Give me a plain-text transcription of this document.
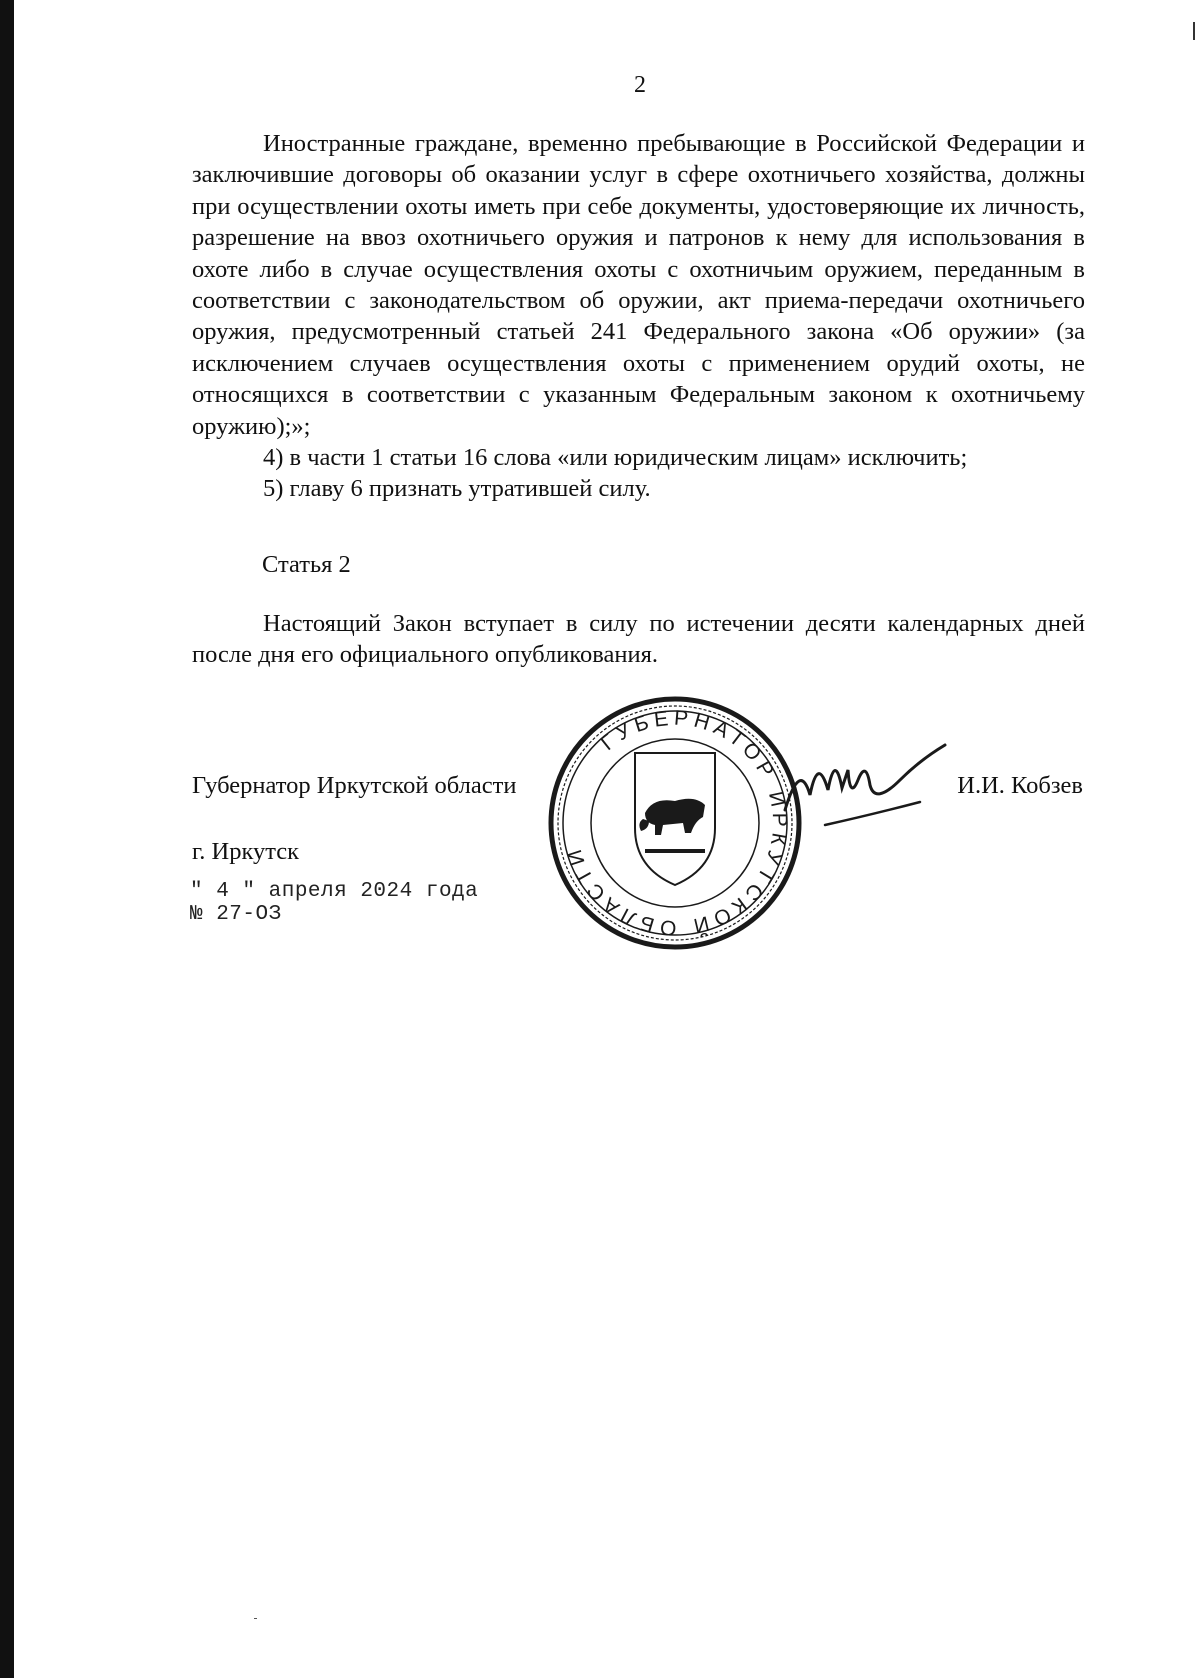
2

Иностранные граждане, временно пребывающие в Российской Федерации и заключившие договоры об оказании услуг в сфере охотничьего хозяйства, должны при осуществлении охоты иметь при себе документы, удостоверяющие их личность, разрешение на ввоз охотничьего оружия и патронов к нему для использования в охоте либо в случае осуществления охоты с охотничьим оружием, переданным в соответствии с законодательством об оружии, акт приема-передачи охотничьего оружия, предусмотренный статьей 241 Федерального закона «Об оружии» (за исключением случаев осуществления охоты с применением орудий охоты, не относящихся в соответствии с указанным Федеральным законом к охотничьему оружию);»;

4) в части 1 статьи 16 слова «или юридическим лицам» исключить;

5) главу 6 признать утратившей силу.

Статья 2

Настоящий Закон вступает в силу по истечении десяти календарных дней после дня его официального опубликования.

ГУБЕРНАТОР ИРКУТСКОЙ ОБЛАСТИ
Губернатор Иркутской области	И.И. Кобзев
г. Иркутск
" 4 " апреля 2024 года
№ 27-ОЗ
